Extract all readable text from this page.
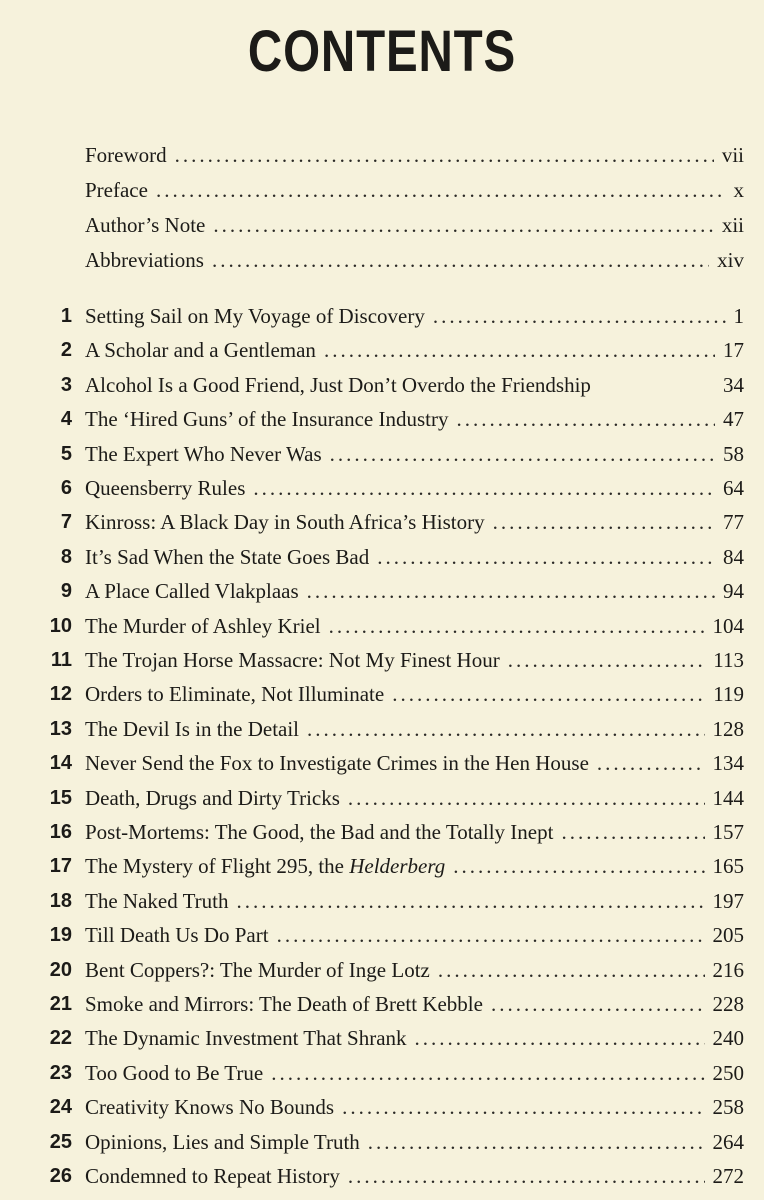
CONTENTS
Foreword .....	vii
Preface .....	x
Author’s Note .....	xii
Abbreviations .....	xiv
1 Setting Sail on My Voyage of Discovery .....	1
2 A Scholar and a Gentleman .....	17
3 Alcohol Is a Good Friend, Just Don’t Overdo the Friendship	34
4 The ‘Hired Guns’ of the Insurance Industry .....	47
5 The Expert Who Never Was .....	58
6 Queensberry Rules .....	64
7 Kinross: A Black Day in South Africa’s History .....	77
8 It’s Sad When the State Goes Bad .....	84
9 A Place Called Vlakplaas .....	94
10 The Murder of Ashley Kriel .....	104
11 The Trojan Horse Massacre: Not My Finest Hour .....	113
12 Orders to Eliminate, Not Illuminate .....	119
13 The Devil Is in the Detail .....	128
14 Never Send the Fox to Investigate Crimes in the Hen House .....	134
15 Death, Drugs and Dirty Tricks .....	144
16 Post-Mortems: The Good, the Bad and the Totally Inept .....	157
17 The Mystery of Flight 295, the Helderberg .....	165
18 The Naked Truth .....	197
19 Till Death Us Do Part .....	205
20 Bent Coppers?: The Murder of Inge Lotz .....	216
21 Smoke and Mirrors: The Death of Brett Kebble .....	228
22 The Dynamic Investment That Shrank .....	240
23 Too Good to Be True .....	250
24 Creativity Knows No Bounds .....	258
25 Opinions, Lies and Simple Truth .....	264
26 Condemned to Repeat History .....	272
